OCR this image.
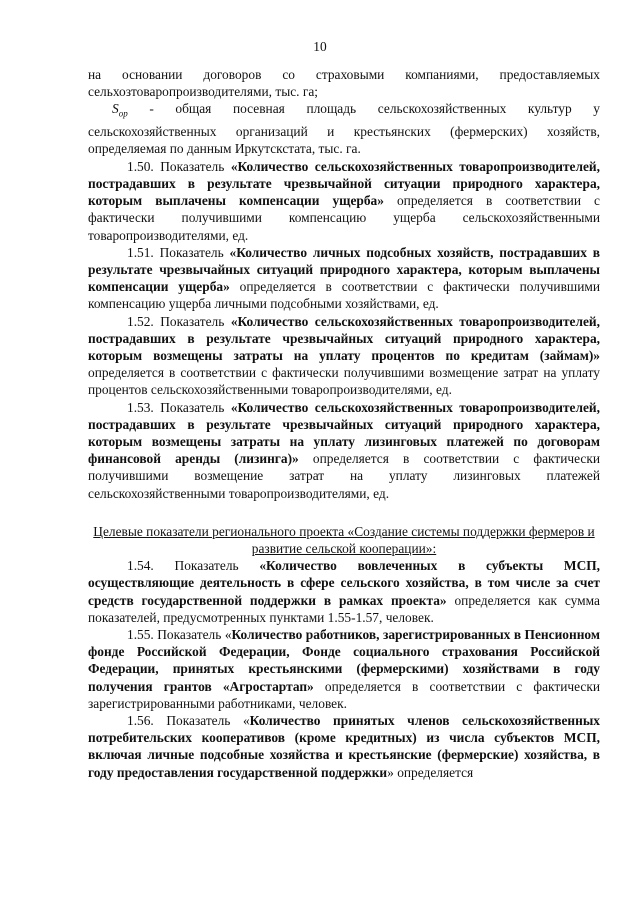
10

на основании договоров со страховыми компаниями, предоставляемых сельхозтоваропроизводителями, тыс. га;

$S_{op}$ - общая посевная площадь сельскохозяйственных культур у сельскохозяйственных организаций и крестьянских (фермерских) хозяйств, определяемая по данным Иркутскстата, тыс. га.

1.50. Показатель «Количество сельскохозяйственных товаропроизводителей, пострадавших в результате чрезвычайной ситуации природного характера, которым выплачены компенсации ущерба» определяется в соответствии с фактически получившими компенсацию ущерба сельскохозяйственными товаропроизводителями, ед.

1.51. Показатель «Количество личных подсобных хозяйств, пострадавших в результате чрезвычайных ситуаций природного характера, которым выплачены компенсации ущерба» определяется в соответствии с фактически получившими компенсацию ущерба личными подсобными хозяйствами, ед.

1.52. Показатель «Количество сельскохозяйственных товаропроизводителей, пострадавших в результате чрезвычайных ситуаций природного характера, которым возмещены затраты на уплату процентов по кредитам (займам)» определяется в соответствии с фактически получившими возмещение затрат на уплату процентов сельскохозяйственными товаропроизводителями, ед.

1.53. Показатель «Количество сельскохозяйственных товаропроизводителей, пострадавших в результате чрезвычайных ситуаций природного характера, которым возмещены затраты на уплату лизинговых платежей по договорам финансовой аренды (лизинга)» определяется в соответствии с фактически получившими возмещение затрат на уплату лизинговых платежей сельскохозяйственными товаропроизводителями, ед.

Целевые показатели регионального проекта «Создание системы поддержки фермеров и развитие сельской кооперации»:

1.54. Показатель «Количество вовлеченных в субъекты МСП, осуществляющие деятельность в сфере сельского хозяйства, в том числе за счет средств государственной поддержки в рамках проекта» определяется как сумма показателей, предусмотренных пунктами 1.55-1.57, человек.

1.55. Показатель «Количество работников, зарегистрированных в Пенсионном фонде Российской Федерации, Фонде социального страхования Российской Федерации, принятых крестьянскими (фермерскими) хозяйствами в году получения грантов «Агростартап» определяется в соответствии с фактически зарегистрированными работниками, человек.

1.56. Показатель «Количество принятых членов сельскохозяйственных потребительских кооперативов (кроме кредитных) из числа субъектов МСП, включая личные подсобные хозяйства и крестьянские (фермерские) хозяйства, в году предоставления государственной поддержки» определяется
